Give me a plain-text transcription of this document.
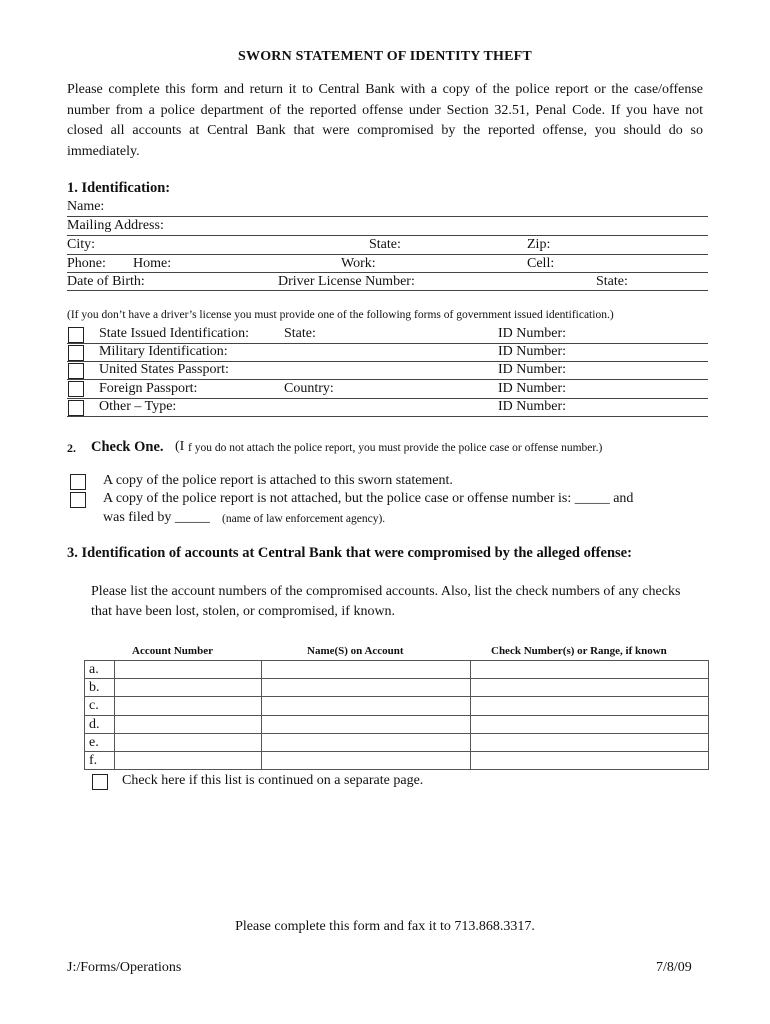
SWORN STATEMENT OF IDENTITY THEFT
Please complete this form and return it to Central Bank with a copy of the police report or the case/offense number from a police department of the reported offense under Section 32.51, Penal Code. If you have not closed all accounts at Central Bank that were compromised by the reported offense, you should do so immediately.
1. Identification:
Name:
Mailing Address:
City:	State:	Zip:
Phone: Home:	Work:	Cell:
Date of Birth:	Driver License Number:	State:
(If you don’t have a driver’s license you must provide one of the following forms of government issued identification.)
State Issued Identification: State:	ID Number:
Military Identification:	ID Number:
United States Passport:	ID Number:
Foreign Passport:	Country:	ID Number:
Other – Type:	ID Number:
2. Check One. (I f you do not attach the police report, you must provide the police case or offense number.)
A copy of the police report is attached to this sworn statement.
A copy of the police report is not attached, but the police case or offense number is: _____ and
was filed by _____ (name of law enforcement agency).
3. Identification of accounts at Central Bank that were compromised by the alleged offense:
Please list the account numbers of the compromised accounts. Also, list the check numbers of any checks that have been lost, stolen, or compromised, if known.
Account Number	Name(S) on Account	Check Number(s) or Range, if known
a.			
b.			
c.			
d.			
e.			
f.			
Check here if this list is continued on a separate page.
Please complete this form and fax it to 713.868.3317.
J:/Forms/Operations	7/8/09
